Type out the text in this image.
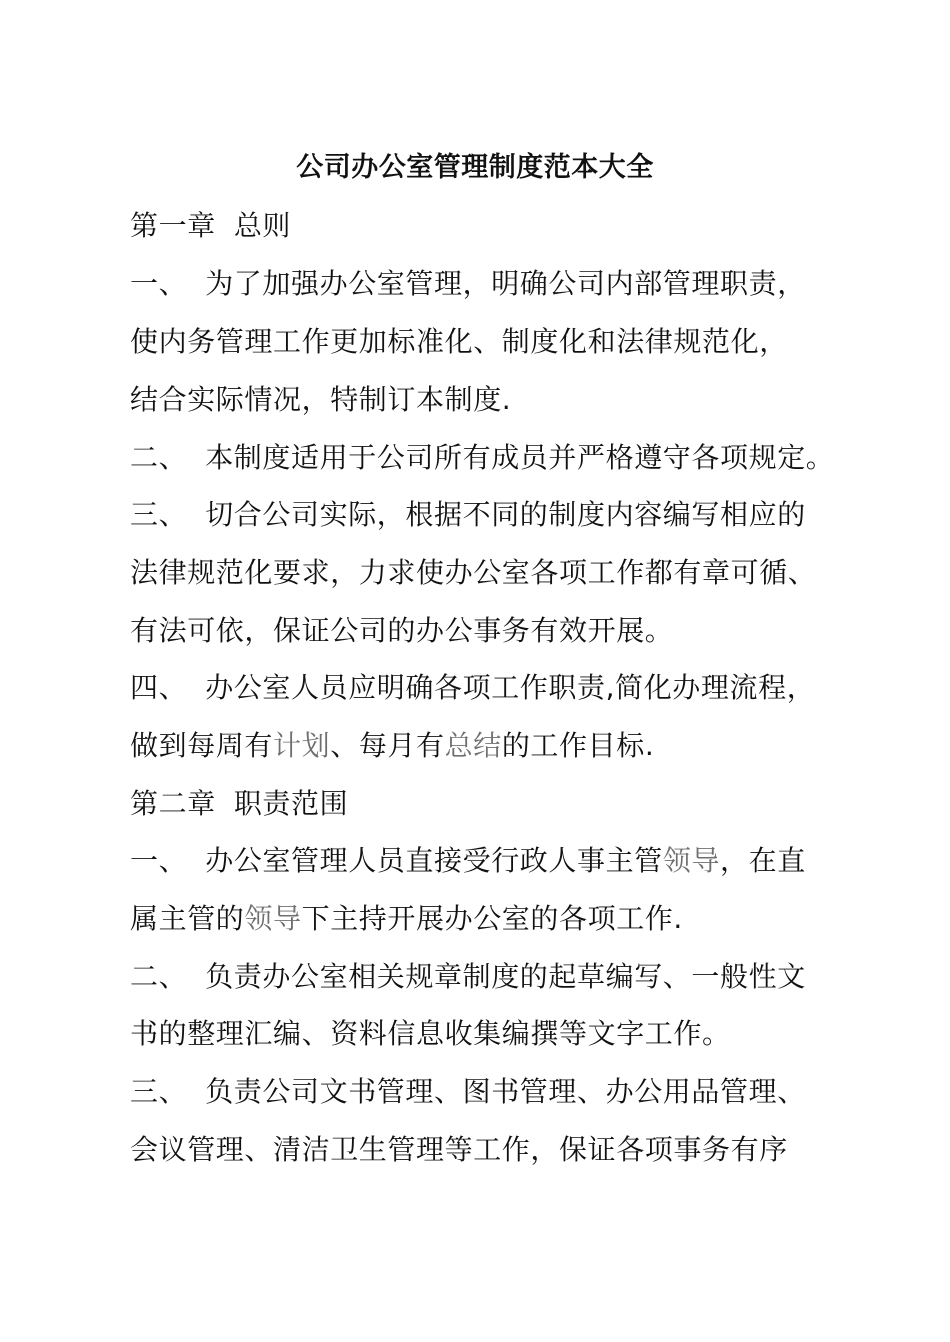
公司办公室管理制度范本大全
第一章 总则
一、 为了加强办公室管理，明确公司内部管理职责，
使内务管理工作更加标准化、制度化和法律规范化，
结合实际情况，特制订本制度.
二、 本制度适用于公司所有成员并严格遵守各项规定。
三、 切合公司实际，根据不同的制度内容编写相应的
法律规范化要求，力求使办公室各项工作都有章可循、
有法可依，保证公司的办公事务有效开展。
四、 办公室人员应明确各项工作职责,简化办理流程，
做到每周有计划、每月有总结的工作目标.
第二章 职责范围
一、 办公室管理人员直接受行政人事主管领导，在直
属主管的领导下主持开展办公室的各项工作.
二、 负责办公室相关规章制度的起草编写、一般性文
书的整理汇编、资料信息收集编撰等文字工作。
三、 负责公司文书管理、图书管理、办公用品管理、
会议管理、清洁卫生管理等工作，保证各项事务有序
